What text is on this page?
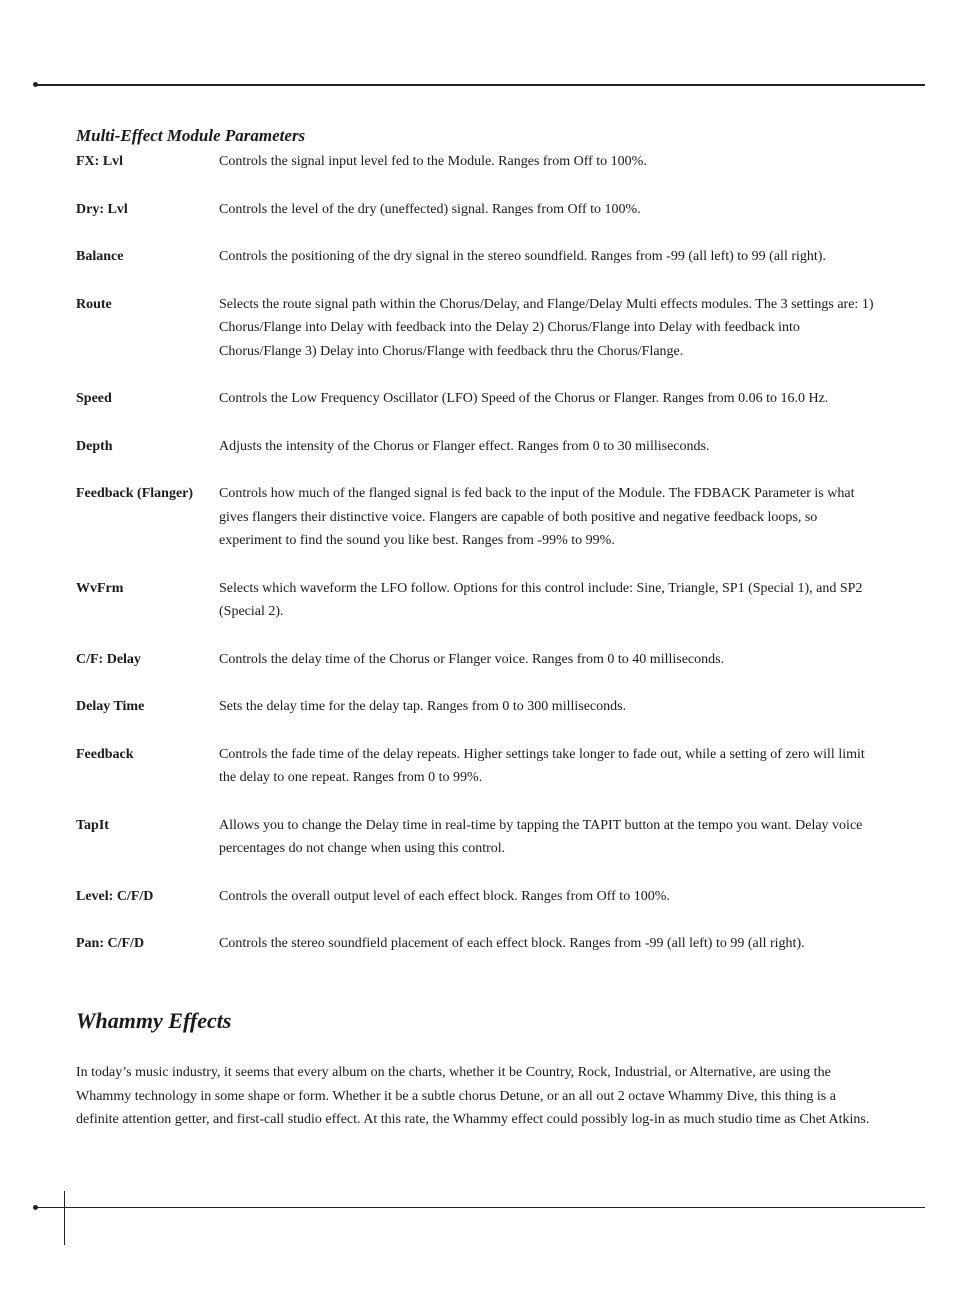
Multi-Effect Module Parameters
FX: Lvl	Controls the signal input level fed to the Module. Ranges from Off to 100%.
Dry: Lvl	Controls the level of the dry (uneffected) signal. Ranges from Off to 100%.
Balance	Controls the positioning of the dry signal in the stereo soundfield. Ranges from -99 (all left) to 99 (all right).
Route	Selects the route signal path within the Chorus/Delay, and Flange/Delay Multi effects modules. The 3 settings are: 1) Chorus/Flange into Delay with feedback into the Delay 2) Chorus/Flange into Delay with feedback into Chorus/Flange 3) Delay into Chorus/Flange with feedback thru the Chorus/Flange.
Speed	Controls the Low Frequency Oscillator (LFO) Speed of the Chorus or Flanger. Ranges from 0.06 to 16.0 Hz.
Depth	Adjusts the intensity of the Chorus or Flanger effect. Ranges from 0 to 30 milliseconds.
Feedback (Flanger)	Controls how much of the flanged signal is fed back to the input of the Module. The FDBACK Parameter is what gives flangers their distinctive voice. Flangers are capable of both positive and negative feedback loops, so experiment to find the sound you like best. Ranges from -99% to 99%.
WvFrm	Selects which waveform the LFO follow. Options for this control include: Sine, Triangle, SP1 (Special 1), and SP2 (Special 2).
C/F: Delay	Controls the delay time of the Chorus or Flanger voice. Ranges from 0 to 40 milliseconds.
Delay Time	Sets the delay time for the delay tap. Ranges from 0 to 300 milliseconds.
Feedback	Controls the fade time of the delay repeats. Higher settings take longer to fade out, while a setting of zero will limit the delay to one repeat. Ranges from 0 to 99%.
TapIt	Allows you to change the Delay time in real-time by tapping the TAPIT button at the tempo you want. Delay voice percentages do not change when using this control.
Level: C/F/D	Controls the overall output level of each effect block. Ranges from Off to 100%.
Pan: C/F/D	Controls the stereo soundfield placement of each effect block. Ranges from -99 (all left) to 99 (all right).
Whammy Effects

In today’s music industry, it seems that every album on the charts, whether it be Country, Rock, Industrial, or Alternative, are using the Whammy technology in some shape or form. Whether it be a subtle chorus Detune, or an all out 2 octave Whammy Dive, this thing is a definite attention getter, and first-call studio effect. At this rate, the Whammy effect could possibly log-in as much studio time as Chet Atkins.
